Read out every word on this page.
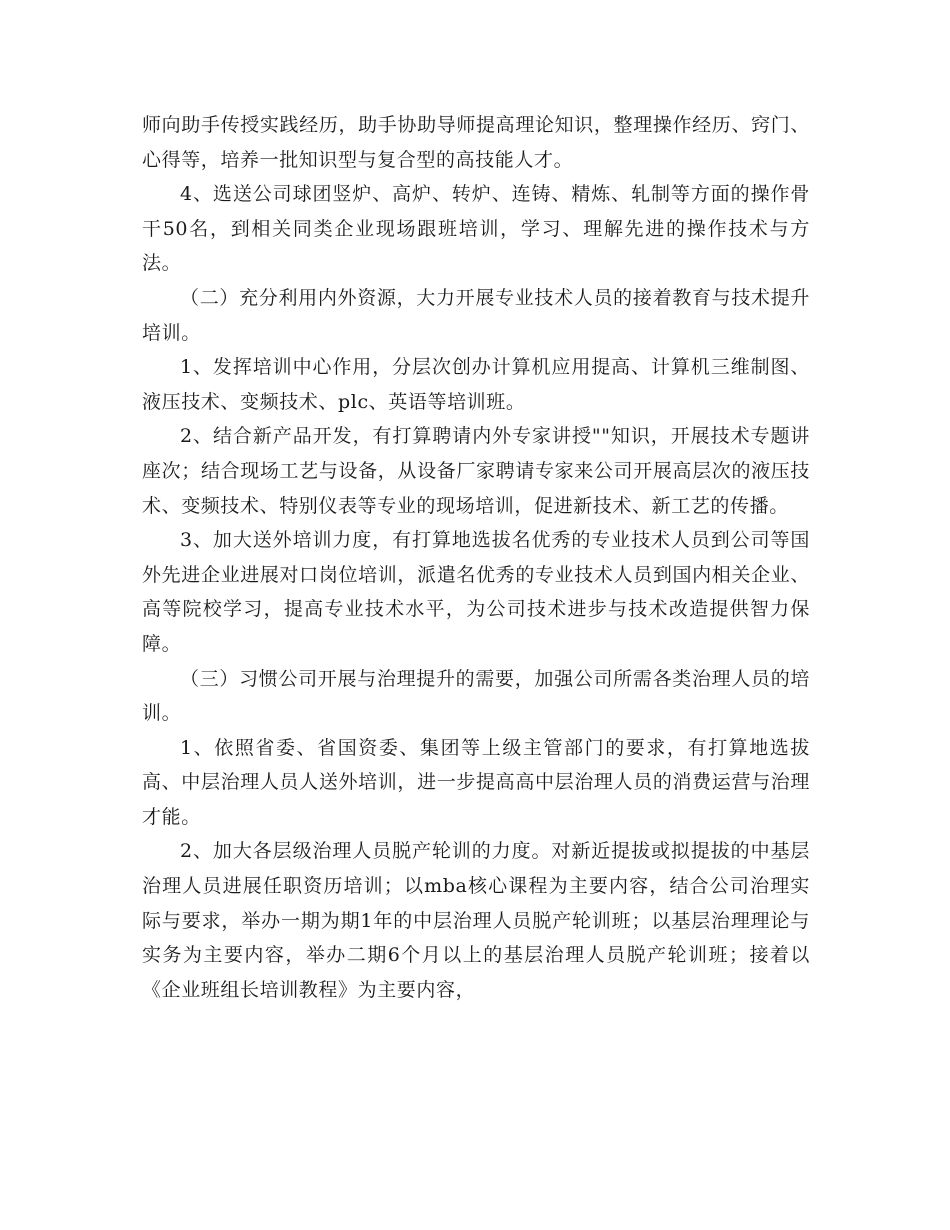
师向助手传授实践经历，助手协助导师提高理论知识，整理操作经历、窍门、心得等，培养一批知识型与复合型的高技能人才。

4、选送公司球团竖炉、高炉、转炉、连铸、精炼、轧制等方面的操作骨干50名，到相关同类企业现场跟班培训，学习、理解先进的操作技术与方法。

（二）充分利用内外资源，大力开展专业技术人员的接着教育与技术提升培训。

1、发挥培训中心作用，分层次创办计算机应用提高、计算机三维制图、液压技术、变频技术、plc、英语等培训班。

2、结合新产品开发，有打算聘请内外专家讲授""知识，开展技术专题讲座次；结合现场工艺与设备，从设备厂家聘请专家来公司开展高层次的液压技术、变频技术、特别仪表等专业的现场培训，促进新技术、新工艺的传播。

3、加大送外培训力度，有打算地选拔名优秀的专业技术人员到公司等国外先进企业进展对口岗位培训，派遣名优秀的专业技术人员到国内相关企业、高等院校学习，提高专业技术水平，为公司技术进步与技术改造提供智力保障。

（三）习惯公司开展与治理提升的需要，加强公司所需各类治理人员的培训。

1、依照省委、省国资委、集团等上级主管部门的要求，有打算地选拔高、中层治理人员人送外培训，进一步提高高中层治理人员的消费运营与治理才能。

2、加大各层级治理人员脱产轮训的力度。对新近提拔或拟提拔的中基层治理人员进展任职资历培训；以mba核心课程为主要内容，结合公司治理实际与要求，举办一期为期1年的中层治理人员脱产轮训班；以基层治理理论与实务为主要内容，举办二期6个月以上的基层治理人员脱产轮训班；接着以《企业班组长培训教程》为主要内容，
